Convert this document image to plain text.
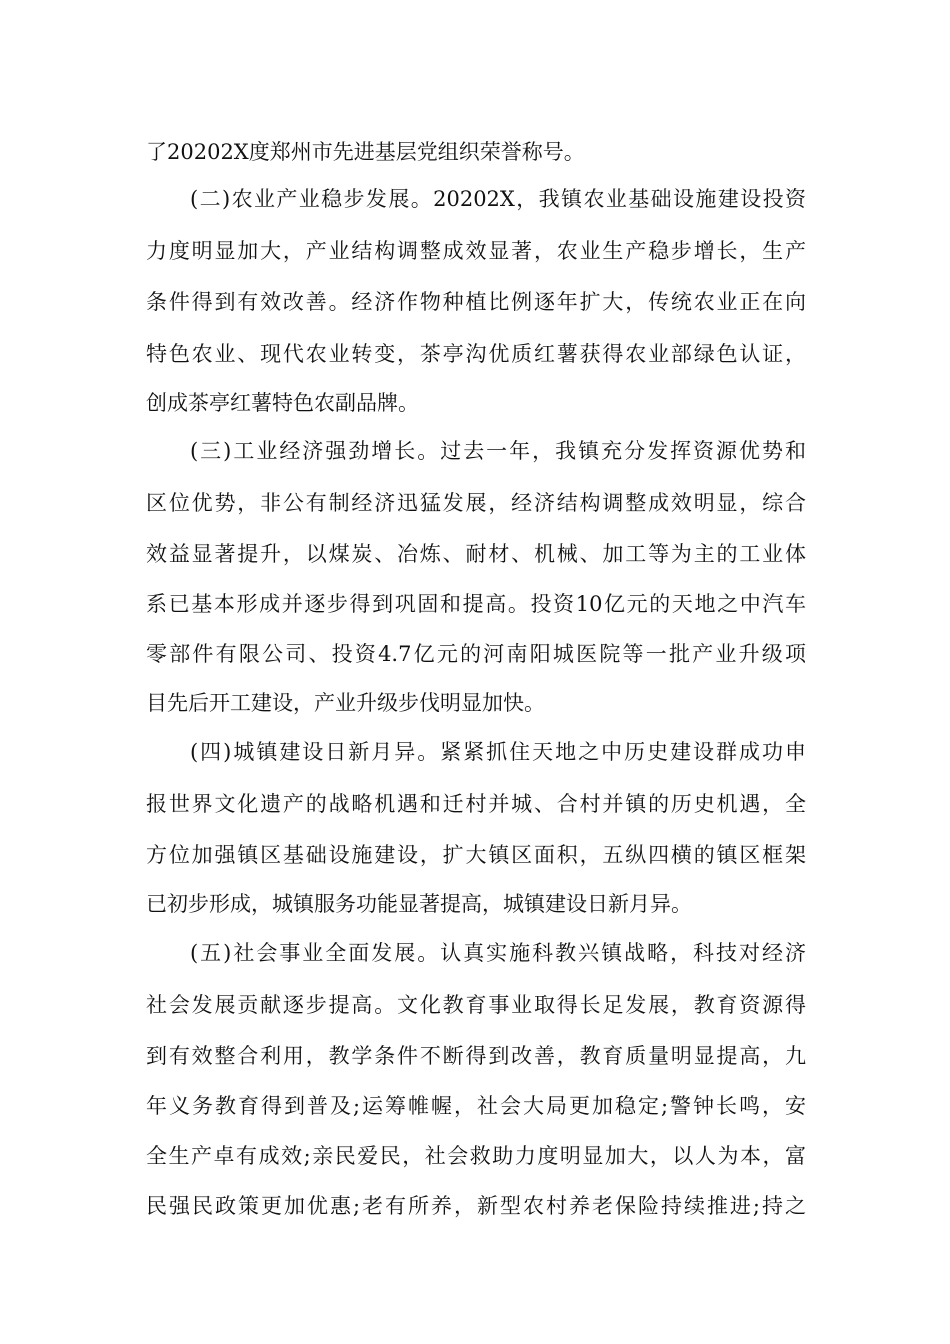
了20202X度郑州市先进基层党组织荣誉称号。
(二)农业产业稳步发展。20202X，我镇农业基础设施建设投资
力度明显加大，产业结构调整成效显著，农业生产稳步增长，生产
条件得到有效改善。经济作物种植比例逐年扩大，传统农业正在向
特色农业、现代农业转变，茶亭沟优质红薯获得农业部绿色认证，
创成茶亭红薯特色农副品牌。
(三)工业经济强劲增长。过去一年，我镇充分发挥资源优势和
区位优势，非公有制经济迅猛发展，经济结构调整成效明显，综合
效益显著提升，以煤炭、冶炼、耐材、机械、加工等为主的工业体
系已基本形成并逐步得到巩固和提高。投资10亿元的天地之中汽车
零部件有限公司、投资4.7亿元的河南阳城医院等一批产业升级项
目先后开工建设，产业升级步伐明显加快。
(四)城镇建设日新月异。紧紧抓住天地之中历史建设群成功申
报世界文化遗产的战略机遇和迁村并城、合村并镇的历史机遇，全
方位加强镇区基础设施建设，扩大镇区面积，五纵四横的镇区框架
已初步形成，城镇服务功能显著提高，城镇建设日新月异。
(五)社会事业全面发展。认真实施科教兴镇战略，科技对经济
社会发展贡献逐步提高。文化教育事业取得长足发展，教育资源得
到有效整合利用，教学条件不断得到改善，教育质量明显提高，九
年义务教育得到普及;运筹帷幄，社会大局更加稳定;警钟长鸣，安
全生产卓有成效;亲民爱民，社会救助力度明显加大，以人为本，富
民强民政策更加优惠;老有所养，新型农村养老保险持续推进;持之
